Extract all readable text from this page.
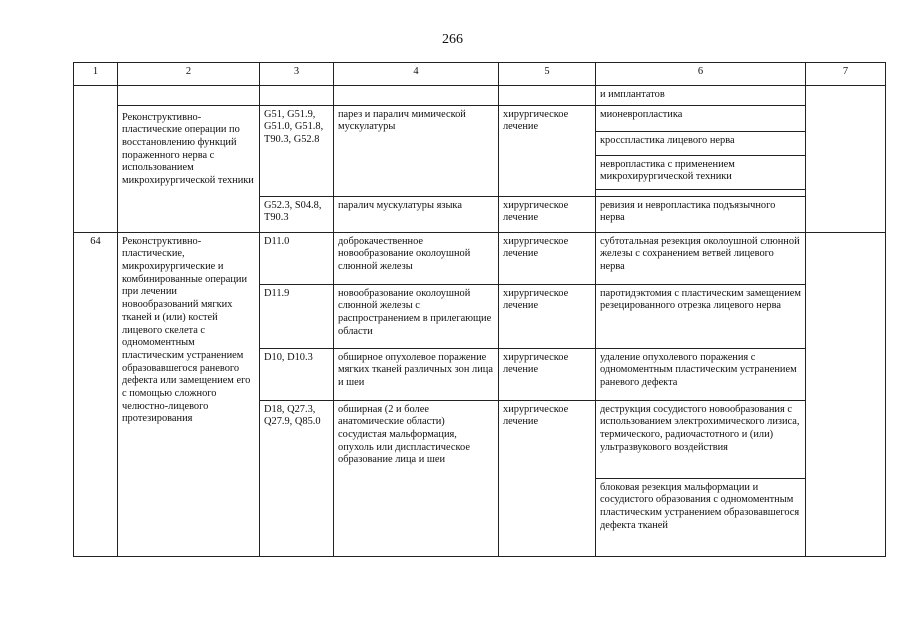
266
1	2	3	4	5	6	7
					и имплантатов	
	Реконструктивно-пластические операции по восстановлению функций пораженного нерва с использованием микрохирургической техники	G51, G51.9, G51.0, G51.8, T90.3, G52.8	парез и паралич мимической мускулатуры	хирургическое лечение	мионевропластика	
					кросспластика лицевого нерва	
					невропластика с применением микрохирургической техники	

		G52.3, S04.8, T90.3	паралич мускулатуры языка	хирургическое лечение	ревизия и невропластика подъязычного нерва	
64	Реконструктивно-пластические, микрохирургические и комбинированные операции при лечении новообразований мягких тканей и (или) костей лицевого скелета с одномоментным пластическим устранением образовавшегося раневого дефекта или замещением его с помощью сложного челюстно-лицевого протезирования	D11.0	доброкачественное новообразование околоушной слюнной железы	хирургическое лечение	субтотальная резекция околоушной слюнной железы с сохранением ветвей лицевого нерва	
		D11.9	новообразование околоушной слюнной железы с распространением в прилегающие области	хирургическое лечение	паротидэктомия с пластическим замещением резецированного отрезка лицевого нерва	
		D10, D10.3	обширное опухолевое поражение мягких тканей различных зон лица и шеи	хирургическое лечение	удаление опухолевого поражения с одномоментным пластическим устранением раневого дефекта	
		D18, Q27.3, Q27.9, Q85.0	обширная (2 и более анатомические области) сосудистая мальформация, опухоль или диспластическое образование лица и шеи	хирургическое лечение	деструкция сосудистого новообразования с использованием электрохимического лизиса, термического, радиочастотного и (или) ультразвукового воздействия	
					блоковая резекция мальформации и сосудистого образования с одномоментным пластическим устранением образовавшегося дефекта тканей	
